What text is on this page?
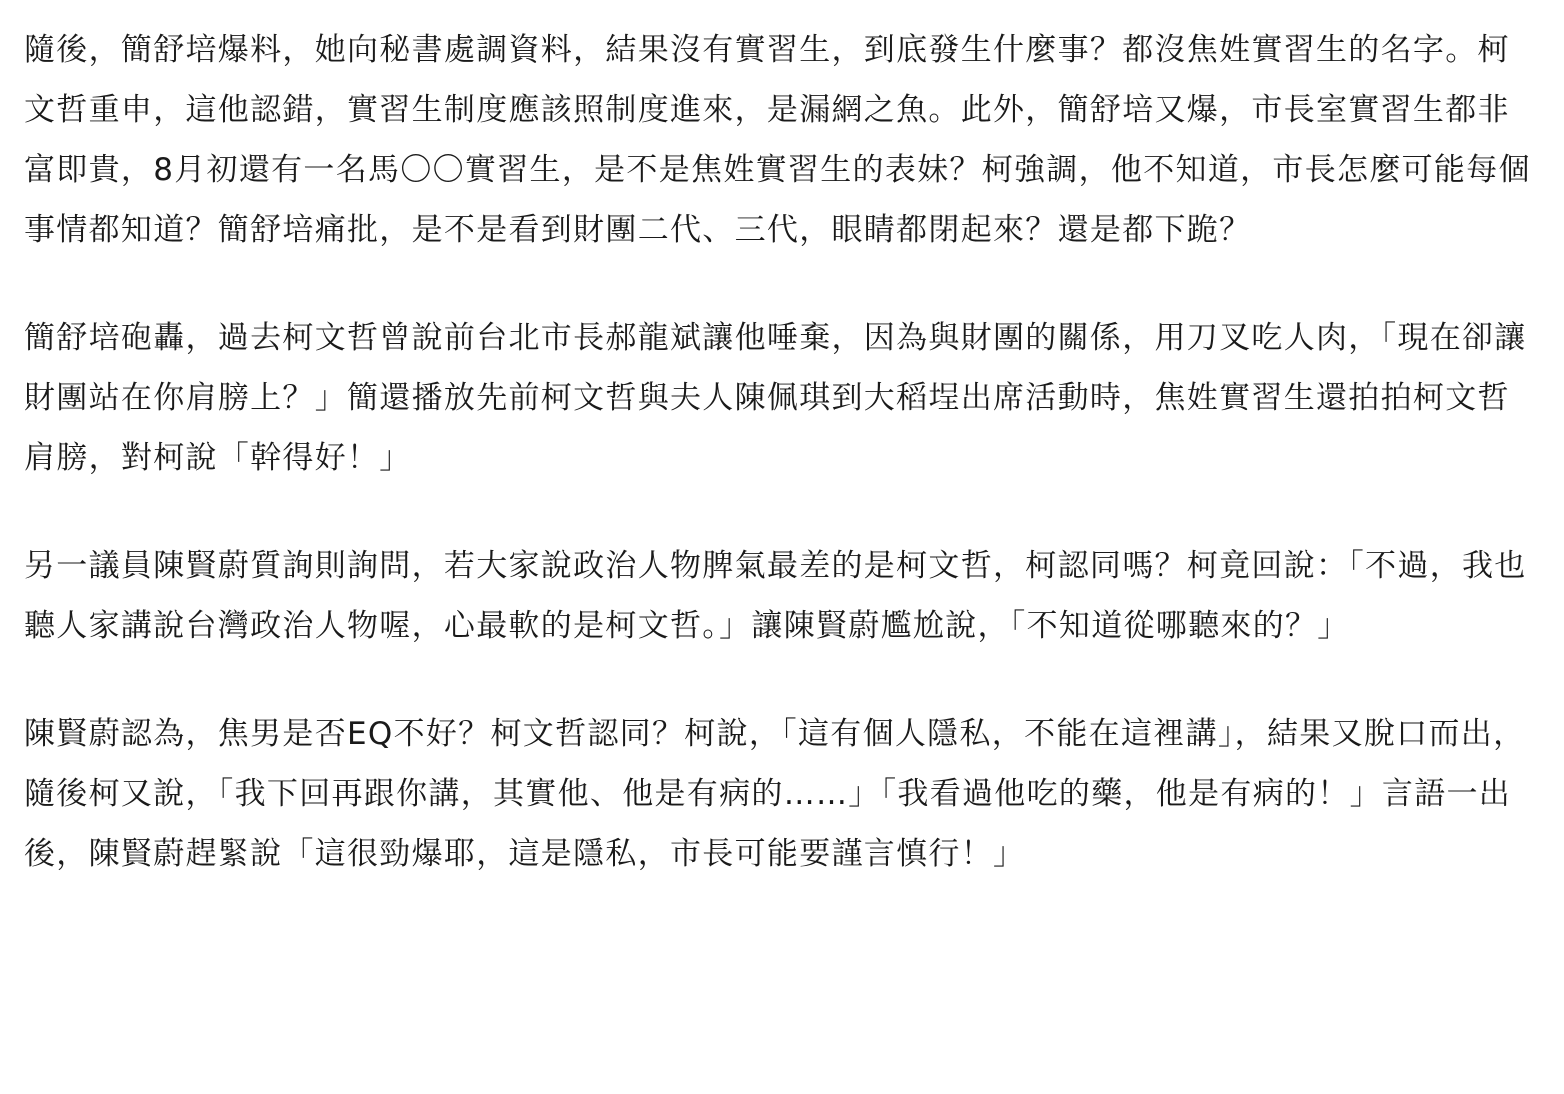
隨後，簡舒培爆料，她向秘書處調資料，結果沒有實習生，到底發生什麼事？都沒焦姓實習生的名字。柯文哲重申，這他認錯，實習生制度應該照制度進來，是漏網之魚。此外，簡舒培又爆，市長室實習生都非富即貴，8月初還有一名馬〇〇實習生，是不是焦姓實習生的表妹？柯強調，他不知道，市長怎麼可能每個事情都知道？簡舒培痛批，是不是看到財團二代、三代，眼睛都閉起來？還是都下跪？

簡舒培砲轟，過去柯文哲曾說前台北市長郝龍斌讓他唾棄，因為與財團的關係，用刀叉吃人肉，「現在卻讓財團站在你肩膀上？」簡還播放先前柯文哲與夫人陳佩琪到大稻埕出席活動時，焦姓實習生還拍拍柯文哲肩膀，對柯說「幹得好！」

另一議員陳賢蔚質詢則詢問，若大家說政治人物脾氣最差的是柯文哲，柯認同嗎？柯竟回說：「不過，我也聽人家講說台灣政治人物喔，心最軟的是柯文哲。」讓陳賢蔚尷尬說，「不知道從哪聽來的？」

陳賢蔚認為，焦男是否EQ不好？柯文哲認同？柯說，「這有個人隱私，不能在這裡講」，結果又脫口而出，隨後柯又說，「我下回再跟你講，其實他、他是有病的……」「我看過他吃的藥，他是有病的！」言語一出後，陳賢蔚趕緊說「這很勁爆耶，這是隱私，市長可能要謹言慎行！」
